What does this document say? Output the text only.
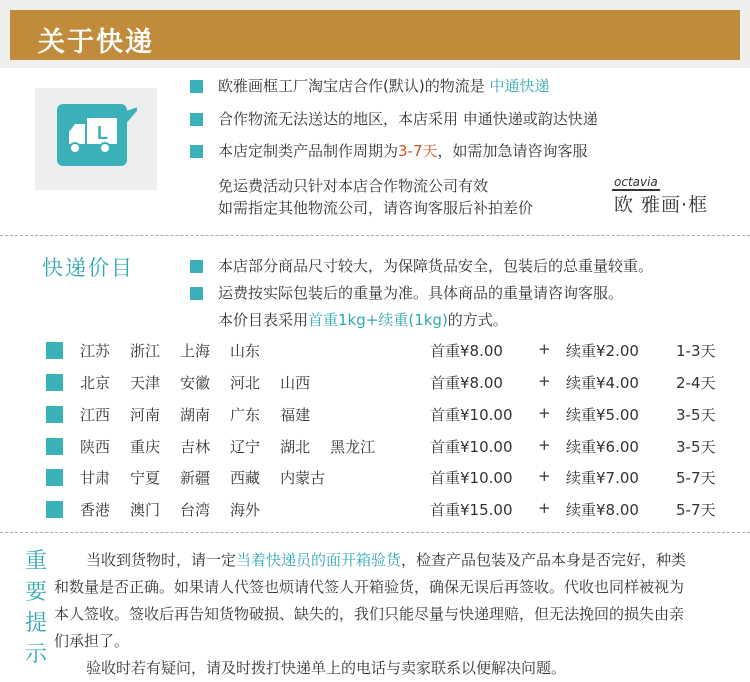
关于快递
L
欧雅画框工厂淘宝店合作(默认)的物流是 中通快递
合作物流无法送达的地区，本店采用 申通快递或韵达快递
本店定制类产品制作周期为3-7天，如需加急请咨询客服
免运费活动只针对本店合作物流公司有效
如需指定其他物流公司，请咨询客服后补拍差价
octavia
欧 雅画·框
快递价目	本店部分商品尺寸较大，为保障货品安全，包装后的总重量较重。
运费按实际包装后的重量为准。具体商品的重量请咨询客服。
本价目表采用首重1kg+续重(1kg)的方式。
江苏 浙江 上海 山东	首重¥8.00 + 续重¥2.00 1-3天
北京 天津 安徽 河北 山西	首重¥8.00 + 续重¥4.00 2-4天
江西 河南 湖南 广东 福建	首重¥10.00 + 续重¥5.00 3-5天
陕西 重庆 吉林 辽宁 湖北 黑龙江	首重¥10.00 + 续重¥6.00 3-5天
甘肃 宁夏 新疆 西藏 内蒙古	首重¥10.00 + 续重¥7.00 5-7天
香港 澳门 台湾 海外	首重¥15.00 + 续重¥8.00 5-7天
重
要
提
示

当收到货物时，请一定当着快递员的面开箱验货，检查产品包装及产品本身是否完好，种类和数量是否正确。如果请人代签也烦请代签人开箱验货，确保无误后再签收。代收也同样被视为本人签收。签收后再告知货物破损、缺失的，我们只能尽量与快递理赔，但无法挽回的损失由亲们承担了。

验收时若有疑问，请及时拨打快递单上的电话与卖家联系以便解决问题。
